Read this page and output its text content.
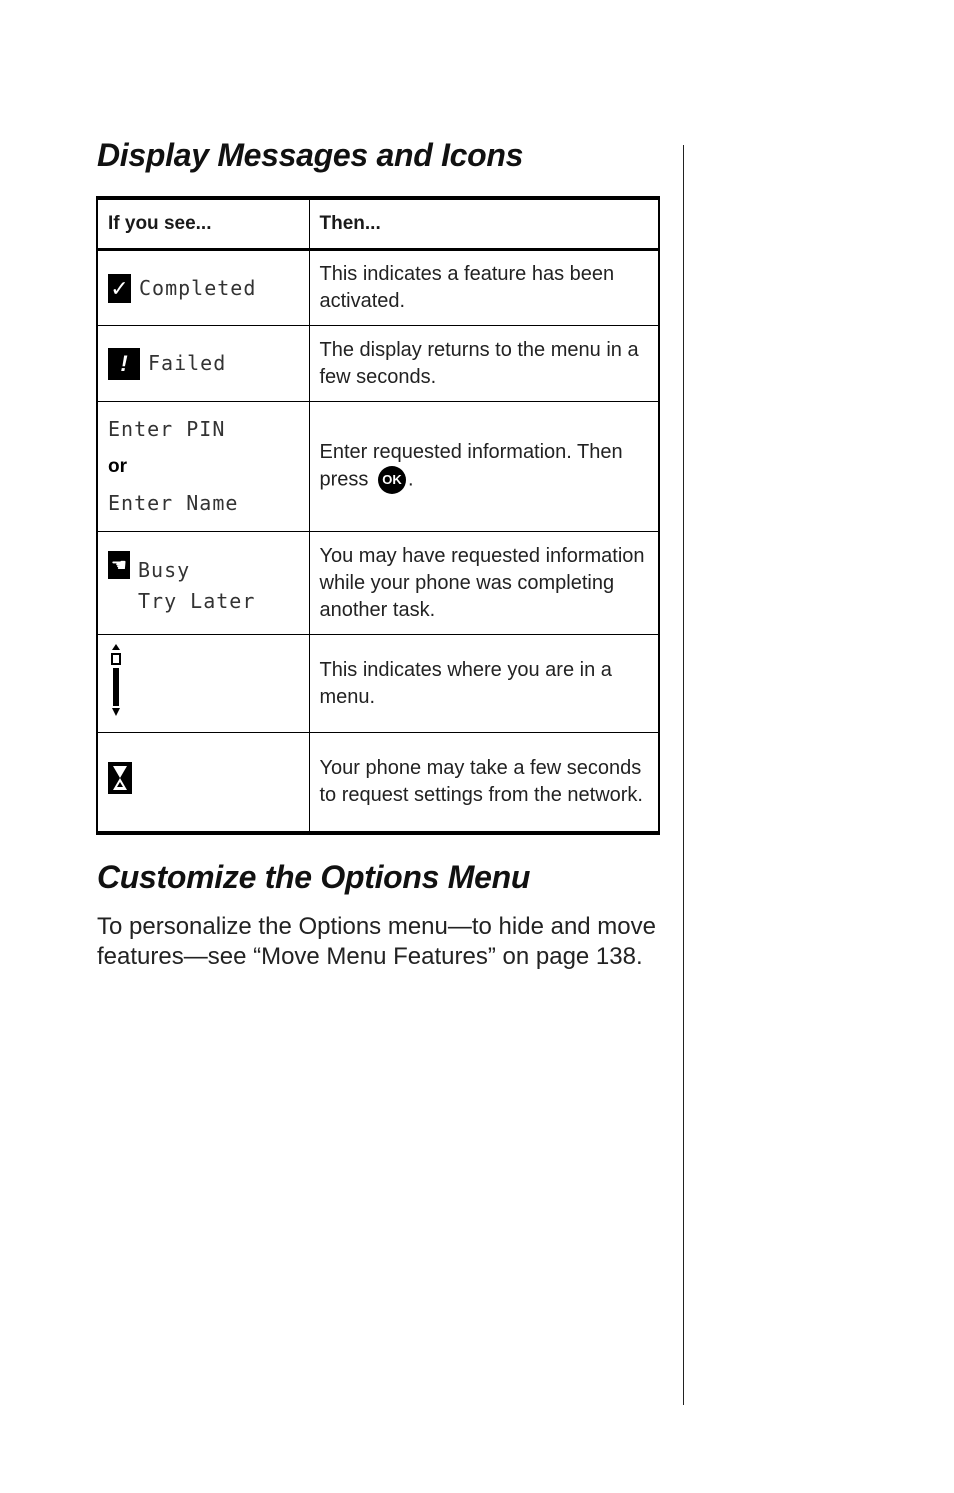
Display Messages and Icons
If you see...	Then...

✓ Completed	This indicates a feature has been activated.

! Failed	The display returns to the menu in a few seconds.

Enter PIN
or
Enter Name	Enter requested information. Then press OK .

☚ Busy
Try Later	You may have requested information while your phone was completing another task.
	This indicates where you are in a menu.
	Your phone may take a few seconds to request settings from the network.
Customize the Options Menu

To personalize the Options menu—to hide and move features—see “Move Menu Features” on page 138.
